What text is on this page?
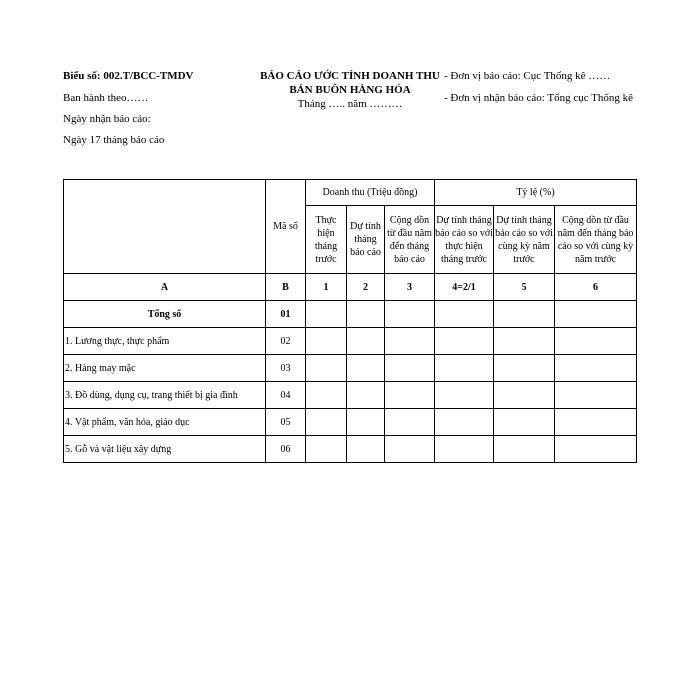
Biểu số: 002.T/BCC-TMDV
Ban hành theo……
Ngày nhận báo cáo:
Ngày 17 tháng báo cáo
BÁO CÁO ƯỚC TÍNH DOANH THU
BÁN BUÔN HÀNG HÓA
Tháng ….. năm ………
- Đơn vị báo cáo: Cục Thống kê ……
- Đơn vị nhận báo cáo: Tổng cục Thống kê
	Mã số	Doanh thu (Triệu đồng)			Tỷ lệ (%)		
		Thực hiện tháng trước	Dự tính tháng báo cáo	Cộng dồn từ đầu năm đến tháng báo cáo	Dự tính tháng báo cáo so với thực hiện tháng trước	Dự tính tháng báo cáo so với cùng kỳ năm trước	Cộng dồn từ đầu năm đến tháng báo cáo so với cùng kỳ năm trước
A	B	1	2	3	4=2/1	5	6
Tổng số	01						
1. Lương thực, thực phẩm	02						
2. Hàng may mặc	03						
3. Đồ dùng, dụng cụ, trang thiết bị gia đình	04						
4. Vật phẩm, văn hóa, giáo dục	05						
5. Gỗ và vật liệu xây dựng	06						
